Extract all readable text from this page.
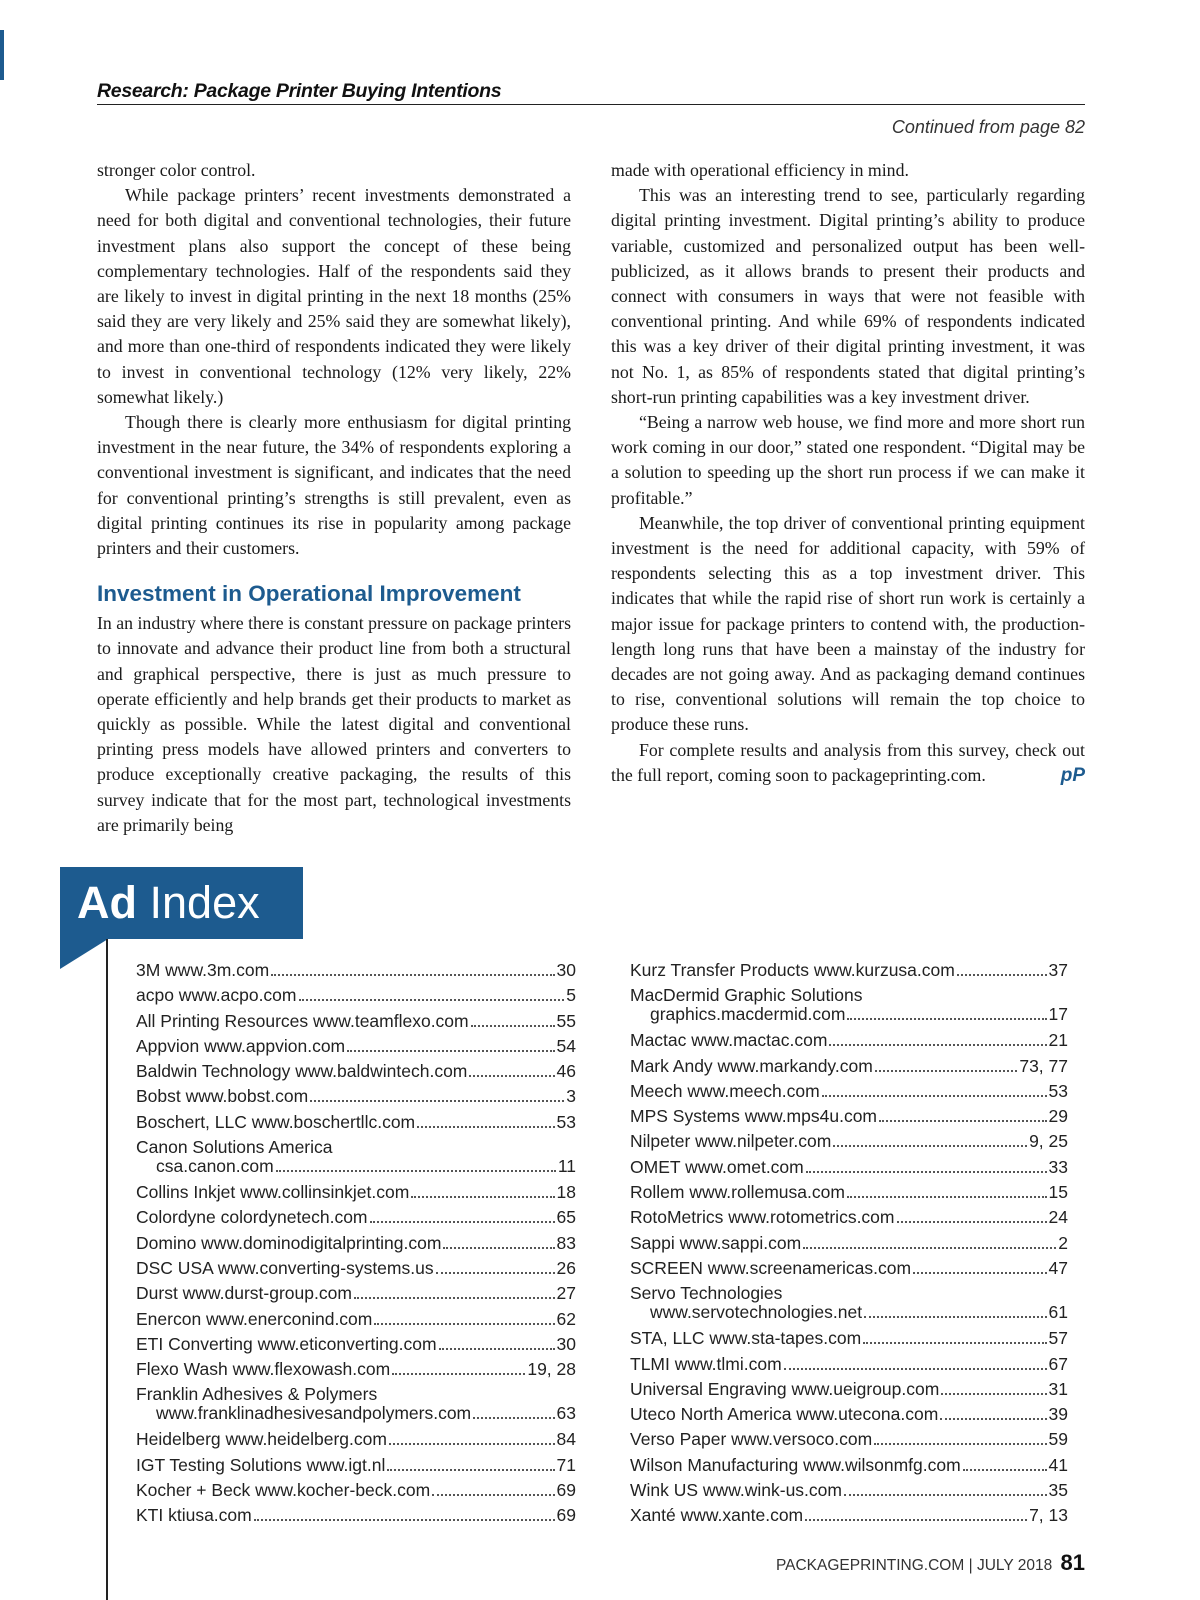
Research: Package Printer Buying Intentions
Continued from page 82

stronger color control.

While package printers’ recent investments demonstrated a need for both digital and conventional technologies, their future investment plans also support the concept of these being complementary technologies. Half of the respondents said they are likely to invest in digital printing in the next 18 months (25% said they are very likely and 25% said they are somewhat likely), and more than one-third of respondents indicated they were likely to invest in conventional technology (12% very likely, 22% somewhat likely.)

Though there is clearly more enthusiasm for digital printing investment in the near future, the 34% of respondents exploring a conventional investment is significant, and indicates that the need for conventional printing’s strengths is still prevalent, even as digital printing continues its rise in popularity among package printers and their customers.

Investment in Operational Improvement

In an industry where there is constant pressure on package printers to innovate and advance their product line from both a structural and graphical perspective, there is just as much pressure to operate efficiently and help brands get their products to market as quickly as possible. While the latest digital and conventional printing press models have allowed printers and converters to produce exceptionally creative packaging, the results of this survey indicate that for the most part, technological investments are primarily being

made with operational efficiency in mind.

This was an interesting trend to see, particularly regarding digital printing investment. Digital printing’s ability to produce variable, customized and personalized output has been well-publicized, as it allows brands to present their products and connect with consumers in ways that were not feasible with conventional printing. And while 69% of respondents indicated this was a key driver of their digital printing investment, it was not No. 1, as 85% of respondents stated that digital printing’s short-run printing capabilities was a key investment driver.

“Being a narrow web house, we find more and more short run work coming in our door,” stated one respondent. “Digital may be a solution to speeding up the short run process if we can make it profitable.”

Meanwhile, the top driver of conventional printing equipment investment is the need for additional capacity, with 59% of respondents selecting this as a top investment driver. This indicates that while the rapid rise of short run work is certainly a major issue for package printers to contend with, the production-length long runs that have been a mainstay of the industry for decades are not going away. And as packaging demand continues to rise, conventional solutions will remain the top choice to produce these runs.

For complete results and analysis from this survey, check out the full report, coming soon to packageprinting.com.	pP

Ad Index
3M www.3m.com	30
acpo www.acpo.com	5
All Printing Resources www.teamflexo.com	55
Appvion www.appvion.com	54
Baldwin Technology www.baldwintech.com	46
Bobst www.bobst.com	3
Boschert, LLC www.boschertllc.com	53
Canon Solutions America
csa.canon.com	11
Collins Inkjet www.collinsinkjet.com	18
Colordyne colordynetech.com	65
Domino www.dominodigitalprinting.com	83
DSC USA www.converting-systems.us	26
Durst www.durst-group.com	27
Enercon www.enerconind.com	62
ETI Converting www.eticonverting.com	30
Flexo Wash www.flexowash.com	19, 28
Franklin Adhesives & Polymers
www.franklinadhesivesandpolymers.com	63
Heidelberg www.heidelberg.com	84
IGT Testing Solutions www.igt.nl	71
Kocher + Beck www.kocher-beck.com	69
KTI ktiusa.com	69
Kurz Transfer Products www.kurzusa.com	37
MacDermid Graphic Solutions
graphics.macdermid.com	17
Mactac www.mactac.com	21
Mark Andy www.markandy.com	73, 77
Meech www.meech.com	53
MPS Systems www.mps4u.com	29
Nilpeter www.nilpeter.com	9, 25
OMET www.omet.com	33
Rollem www.rollemusa.com	15
RotoMetrics www.rotometrics.com	24
Sappi www.sappi.com	2
SCREEN www.screenamericas.com	47
Servo Technologies
www.servotechnologies.net	61
STA, LLC www.sta-tapes.com	57
TLMI www.tlmi.com	67
Universal Engraving www.ueigroup.com	31
Uteco North America www.utecona.com	39
Verso Paper www.versoco.com	59
Wilson Manufacturing www.wilsonmfg.com	41
Wink US www.wink-us.com	35
Xanté www.xante.com	7, 13
PACKAGEPRINTING.COM | JULY 2018 81
